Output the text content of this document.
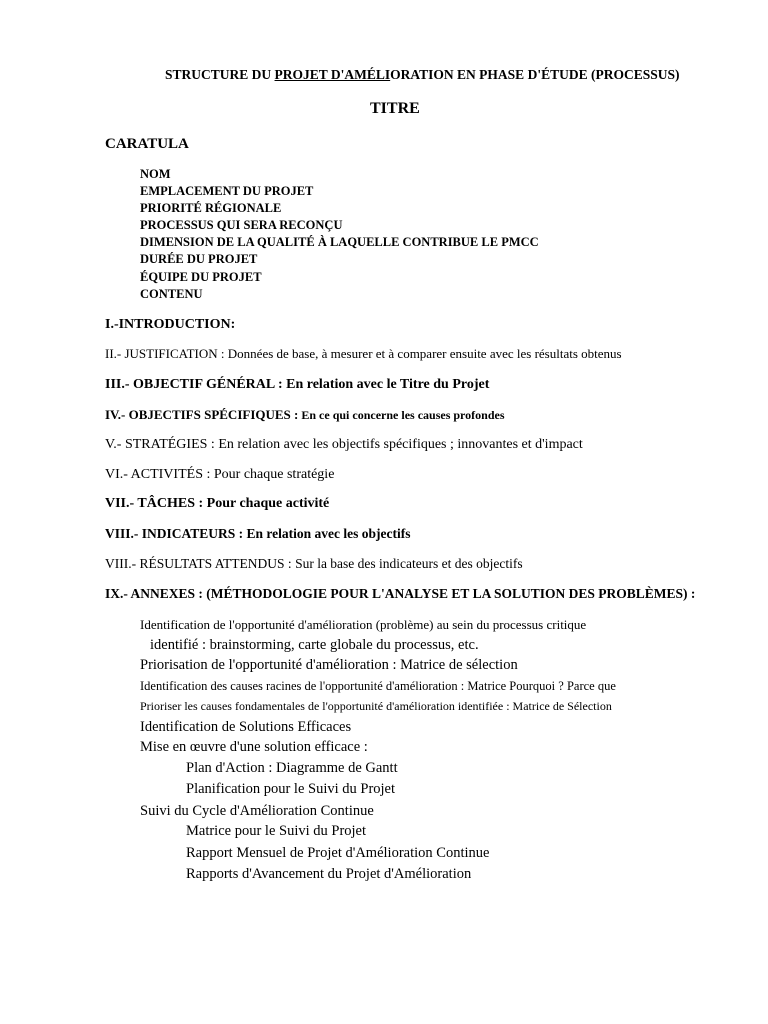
STRUCTURE DU PROJET D'AMÉLIORATION EN PHASE D'ÉTUDE (PROCESSUS)
TITRE
CARATULA
NOM
EMPLACEMENT DU PROJET
PRIORITÉ RÉGIONALE
PROCESSUS QUI SERA RECONÇU
DIMENSION DE LA QUALITÉ À LAQUELLE CONTRIBUE LE PMCC
DURÉE DU PROJET
ÉQUIPE DU PROJET
CONTENU
I.-INTRODUCTION:
II.- JUSTIFICATION : Données de base, à mesurer et à comparer ensuite avec les résultats obtenus
III.- OBJECTIF GÉNÉRAL : En relation avec le Titre du Projet
IV.- OBJECTIFS SPÉCIFIQUES : En ce qui concerne les causes profondes
V.- STRATÉGIES : En relation avec les objectifs spécifiques ; innovantes et d'impact
VI.- ACTIVITÉS : Pour chaque stratégie
VII.- TÂCHES : Pour chaque activité
VIII.- INDICATEURS : En relation avec les objectifs
VIII.- RÉSULTATS ATTENDUS : Sur la base des indicateurs et des objectifs
IX.- ANNEXES : (MÉTHODOLOGIE POUR L'ANALYSE ET LA SOLUTION DES PROBLÈMES) :
Identification de l'opportunité d'amélioration (problème) au sein du processus critique
identifié : brainstorming, carte globale du processus, etc.
Priorisation de l'opportunité d'amélioration : Matrice de sélection
Identification des causes racines de l'opportunité d'amélioration : Matrice Pourquoi ? Parce que
Prioriser les causes fondamentales de l'opportunité d'amélioration identifiée : Matrice de Sélection
Identification de Solutions Efficaces
Mise en œuvre d'une solution efficace :
Plan d'Action : Diagramme de Gantt
Planification pour le Suivi du Projet
Suivi du Cycle d'Amélioration Continue
Matrice pour le Suivi du Projet
Rapport Mensuel de Projet d'Amélioration Continue
Rapports d'Avancement du Projet d'Amélioration
